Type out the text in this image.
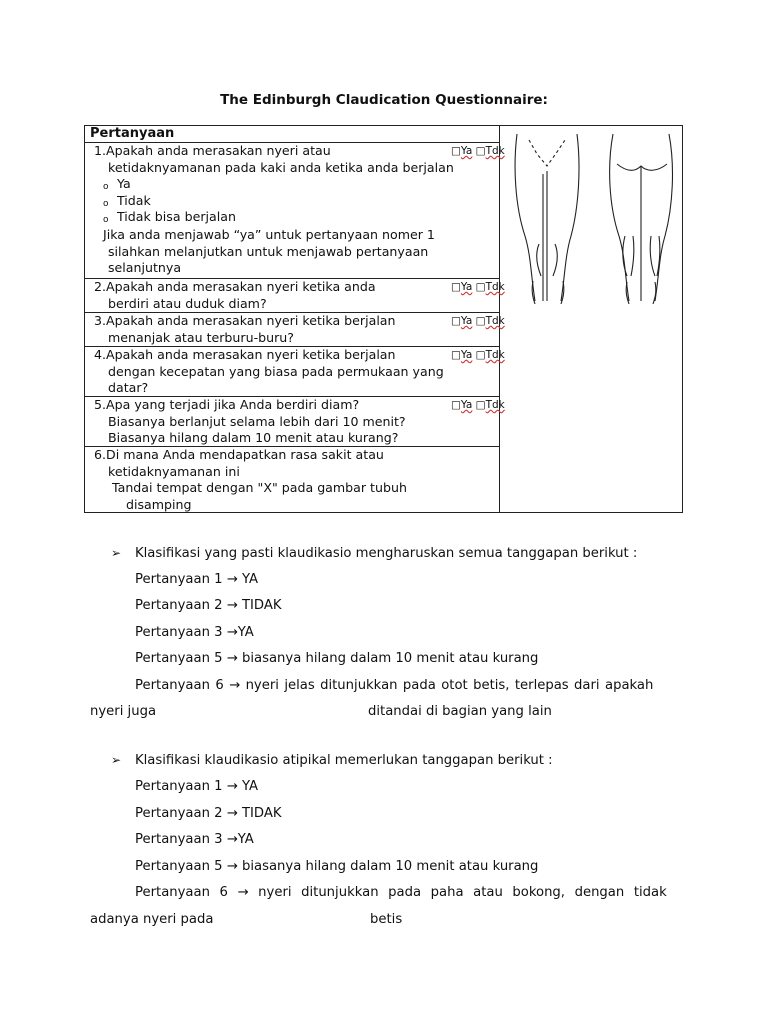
The Edinburgh Claudication Questionnaire:
Pertanyaan
1.Apakah anda merasakan nyeri atau	□Ya □Tdk
ketidaknyamanan pada kaki anda ketika anda berjalan
o Ya
o Tidak
o Tidak bisa berjalan
Jika anda menjawab “ya” untuk pertanyaan nomer 1
silahkan melanjutkan untuk menjawab pertanyaan
selanjutnya
2.Apakah anda merasakan nyeri ketika anda	□Ya □Tdk
berdiri atau duduk diam?
3.Apakah anda merasakan nyeri ketika berjalan	□Ya □Tdk
menanjak atau terburu-buru?
4.Apakah anda merasakan nyeri ketika berjalan	□Ya □Tdk
dengan kecepatan yang biasa pada permukaan yang
datar?
5.Apa yang terjadi jika Anda berdiri diam?	□Ya □Tdk
Biasanya berlanjut selama lebih dari 10 menit?
Biasanya hilang dalam 10 menit atau kurang?
6.Di mana Anda mendapatkan rasa sakit atau
ketidaknyamanan ini
Tandai tempat dengan "X" pada gambar tubuh
disamping
➢ Klasifikasi yang pasti klaudikasio mengharuskan semua tanggapan berikut :
Pertanyaan 1 → YA
Pertanyaan 2 → TIDAK
Pertanyaan 3 →YA
Pertanyaan 5 → biasanya hilang dalam 10 menit atau kurang
Pertanyaan 6 → nyeri jelas ditunjukkan pada otot betis, terlepas dari apakah
nyeri juga	ditandai di bagian yang lain
➢ Klasifikasi klaudikasio atipikal memerlukan tanggapan berikut :
Pertanyaan 1 → YA
Pertanyaan 2 → TIDAK
Pertanyaan 3 →YA
Pertanyaan 5 → biasanya hilang dalam 10 menit atau kurang
Pertanyaan 6 → nyeri ditunjukkan pada paha atau bokong, dengan tidak
adanya nyeri pada	betis
